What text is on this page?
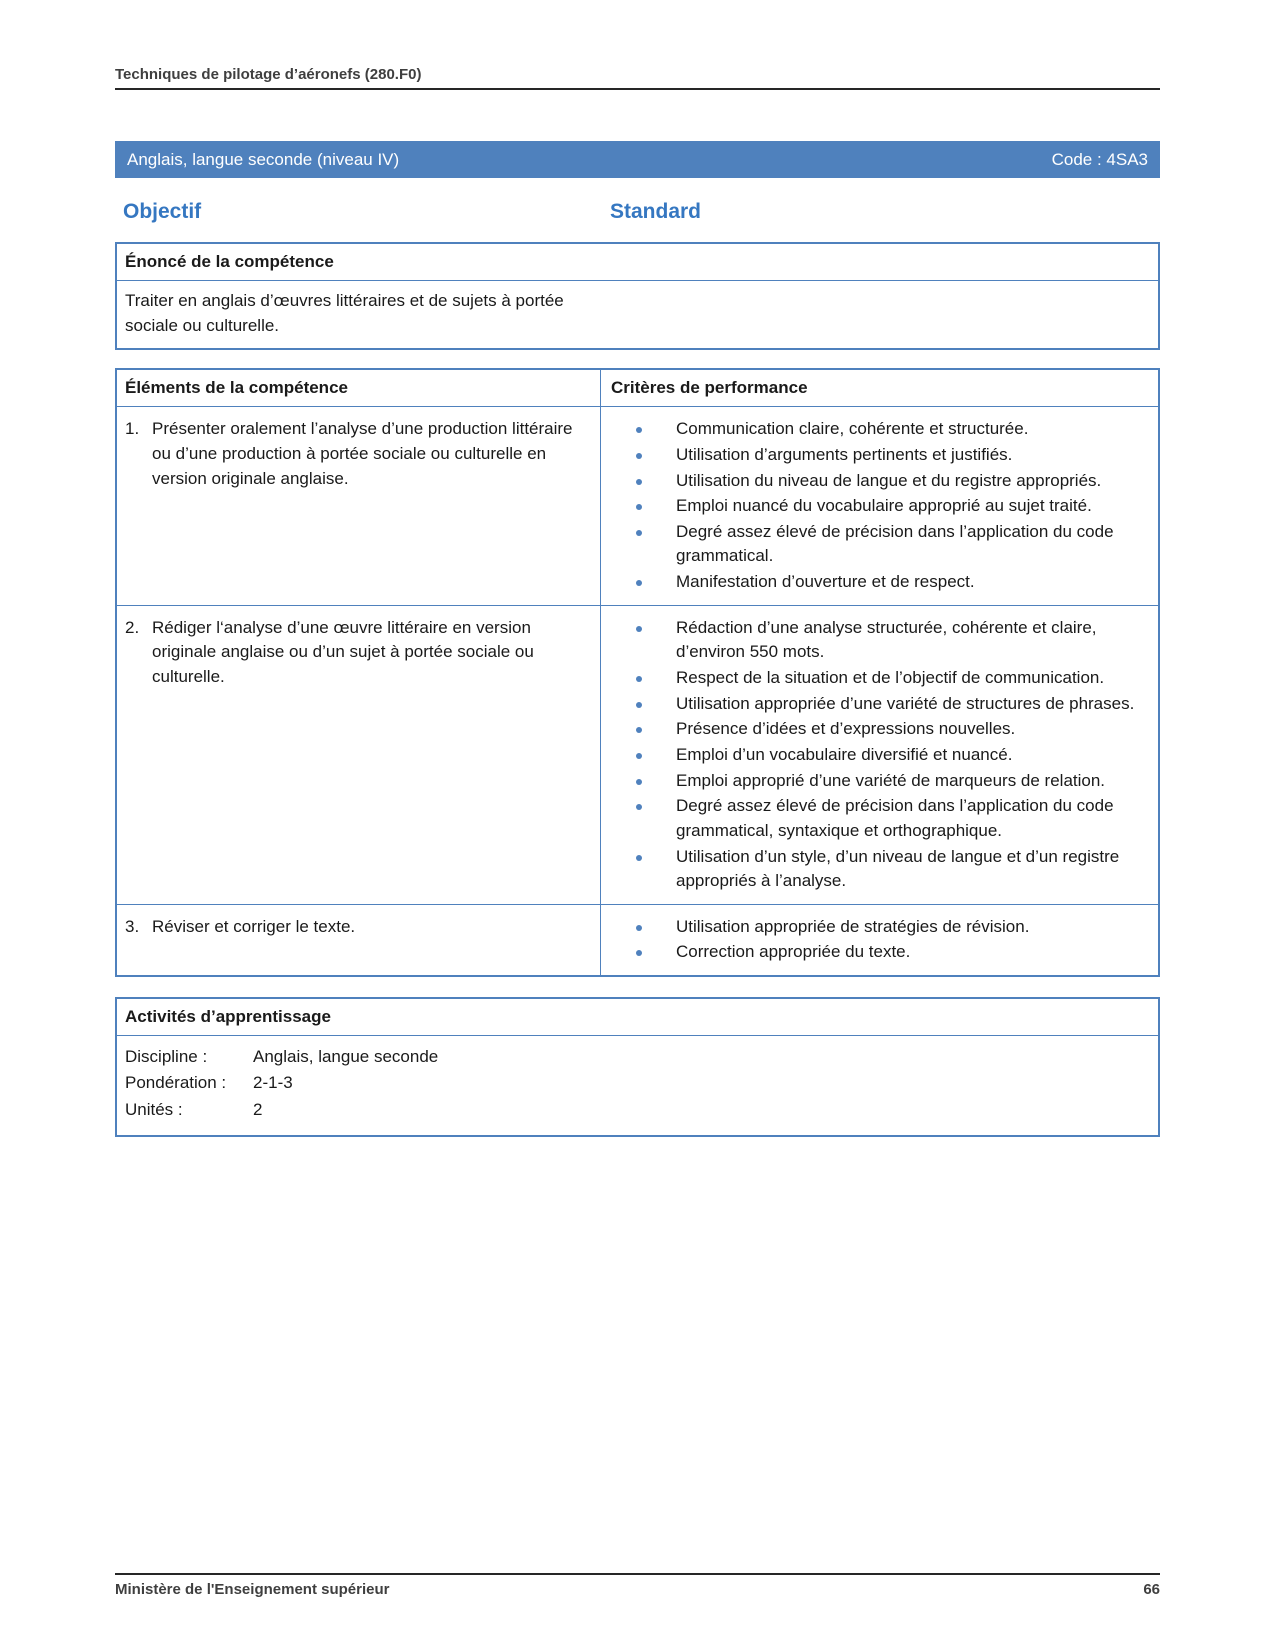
Techniques de pilotage d’aéronefs (280.F0)
Anglais, langue seconde (niveau IV)	Code : 4SA3
Objectif	Standard
Énoncé de la compétence

Traiter en anglais d’œuvres littéraires et de sujets à portée sociale ou culturelle.

Éléments de la compétence	Critères de performance
1. Présenter oralement l’analyse d’une production littéraire ou d’une production à portée sociale ou culturelle en version originale anglaise.
Communication claire, cohérente et structurée.
Utilisation d’arguments pertinents et justifiés.
Utilisation du niveau de langue et du registre appropriés.
Emploi nuancé du vocabulaire approprié au sujet traité.
Degré assez élevé de précision dans l’application du code grammatical.
Manifestation d’ouverture et de respect.
2. Rédiger l‘analyse d’une œuvre littéraire en version originale anglaise ou d’un sujet à portée sociale ou culturelle.
Rédaction d’une analyse structurée, cohérente et claire, d’environ 550 mots.
Respect de la situation et de l’objectif de communication.
Utilisation appropriée d’une variété de structures de phrases.
Présence d’idées et d’expressions nouvelles.
Emploi d’un vocabulaire diversifié et nuancé.
Emploi approprié d’une variété de marqueurs de relation.
Degré assez élevé de précision dans l’application du code grammatical, syntaxique et orthographique.
Utilisation d’un style, d’un niveau de langue et d’un registre appropriés à l’analyse.
3. Réviser et corriger le texte.	Utilisation appropriée de stratégies de révision.
Correction appropriée du texte.
Activités d’apprentissage
Discipline :	Anglais, langue seconde
Pondération :	2-1-3
Unités :	2
Ministère de l'Enseignement supérieur	66
